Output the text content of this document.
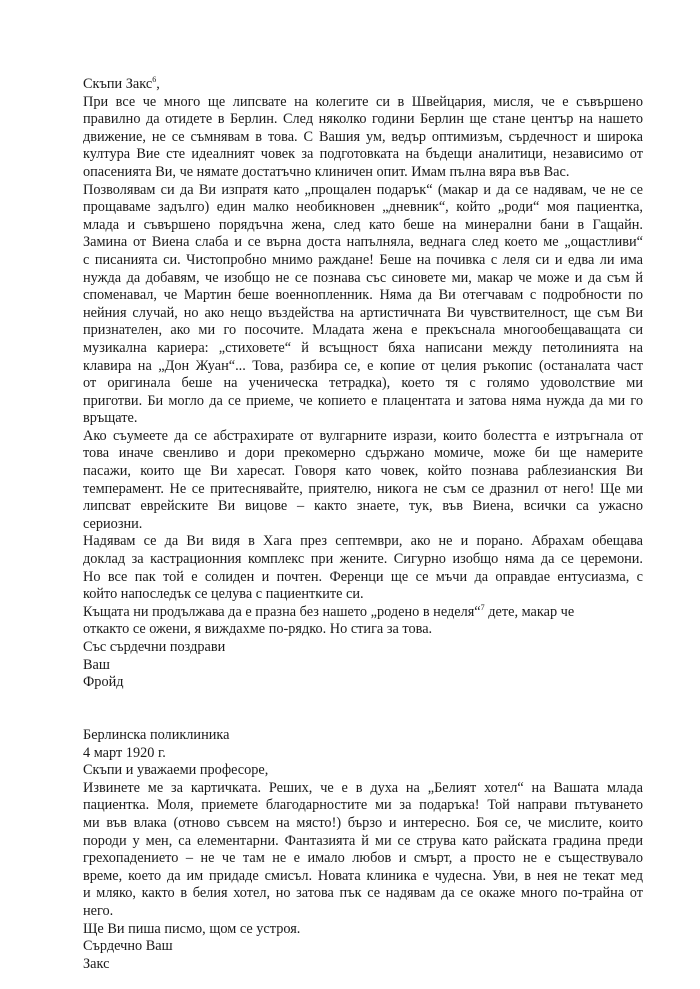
Скъпи Закс$^6$,
При все че много ще липсвате на колегите си в Швейцария, мисля, че е съвършено
правилно да отидете в Берлин. След няколко години Берлин ще стане център на нашето
движение, не се съмнявам в това. С Вашия ум, ведър оптимизъм, сърдечност и широка
култура Вие сте идеалният човек за подготовката на бъдещи аналитици, независимо от
опасенията Ви, че нямате достатъчно клиничен опит. Имам пълна вяра във Вас.
Позволявам си да Ви изпратя като „прощален подарък“ (макар и да се надявам, че не се
прощаваме задълго) един малко необикновен „дневник“, който „роди“ моя пациентка,
млада и съвършено порядъчна жена, след като беше на минерални бани в Гащайн.
Замина от Виена слаба и се върна доста напълняла, веднага след което ме „ощастливи“
с писанията си. Чистопробно мнимо раждане! Беше на почивка с леля си и едва ли има
нужда да добавям, че изобщо не се познава със синовете ми, макар че може и да съм й
споменавал, че Мартин беше военнопленник. Няма да Ви отегчавам с подробности по
нейния случай, но ако нещо въздейства на артистичната Ви чувствителност, ще съм Ви
признателен, ако ми го посочите. Младата жена е прекъснала многообещаващата си
музикална кариера: „стиховете“ й всъщност бяха написани между петолинията на
клавира на „Дон Жуан“... Това, разбира се, е копие от целия ръкопис (останалата част
от оригинала беше на ученическа тетрадка), което тя с голямо удоволствие ми
приготви. Би могло да се приеме, че копието е плацентата и затова няма нужда да ми го
връщате.
Ако съумеете да се абстрахирате от вулгарните изрази, които болестта е изтръгнала от
това иначе свенливо и дори прекомерно сдържано момиче, може би ще намерите
пасажи, които ще Ви харесат. Говоря като човек, който познава раблезианския Ви
темперамент. Не се притеснявайте, приятелю, никога не съм се дразнил от него! Ще ми
липсват еврейските Ви вицове – както знаете, тук, във Виена, всички са ужасно
сериозни.
Надявам се да Ви видя в Хага през септември, ако не и порано. Абрахам обещава
доклад за кастрационния комплекс при жените. Сигурно изобщо няма да се церемони.
Но все пак той е солиден и почтен. Ференци ще се мъчи да оправдае ентусиазма, с
който напоследък се целува с пациентките си.
Къщата ни продължава да е празна без нашето „родено в неделя“$^7$ дете, макар че
откакто се ожени, я виждахме по-рядко. Но стига за това.
Със сърдечни поздрави
Ваш
Фройд
Берлинска поликлиника
4 март 1920 г.
Скъпи и уважаеми професоре,
Извинете ме за картичката. Реших, че е в духа на „Белият хотел“ на Вашата млада
пациентка. Моля, приемете благодарностите ми за подаръка! Той направи пътуването
ми във влака (отново съвсем на място!) бързо и интересно. Боя се, че мислите, които
породи у мен, са елементарни. Фантазията й ми се струва като райската градина преди
грехопадението – не че там не е имало любов и смърт, а просто не е съществувало
време, което да им придаде смисъл. Новата клиника е чудесна. Уви, в нея не текат мед
и мляко, както в белия хотел, но затова пък се надявам да се окаже много по-трайна от
него.
Ще Ви пиша писмо, щом се устроя.
Сърдечно Ваш
Закс
